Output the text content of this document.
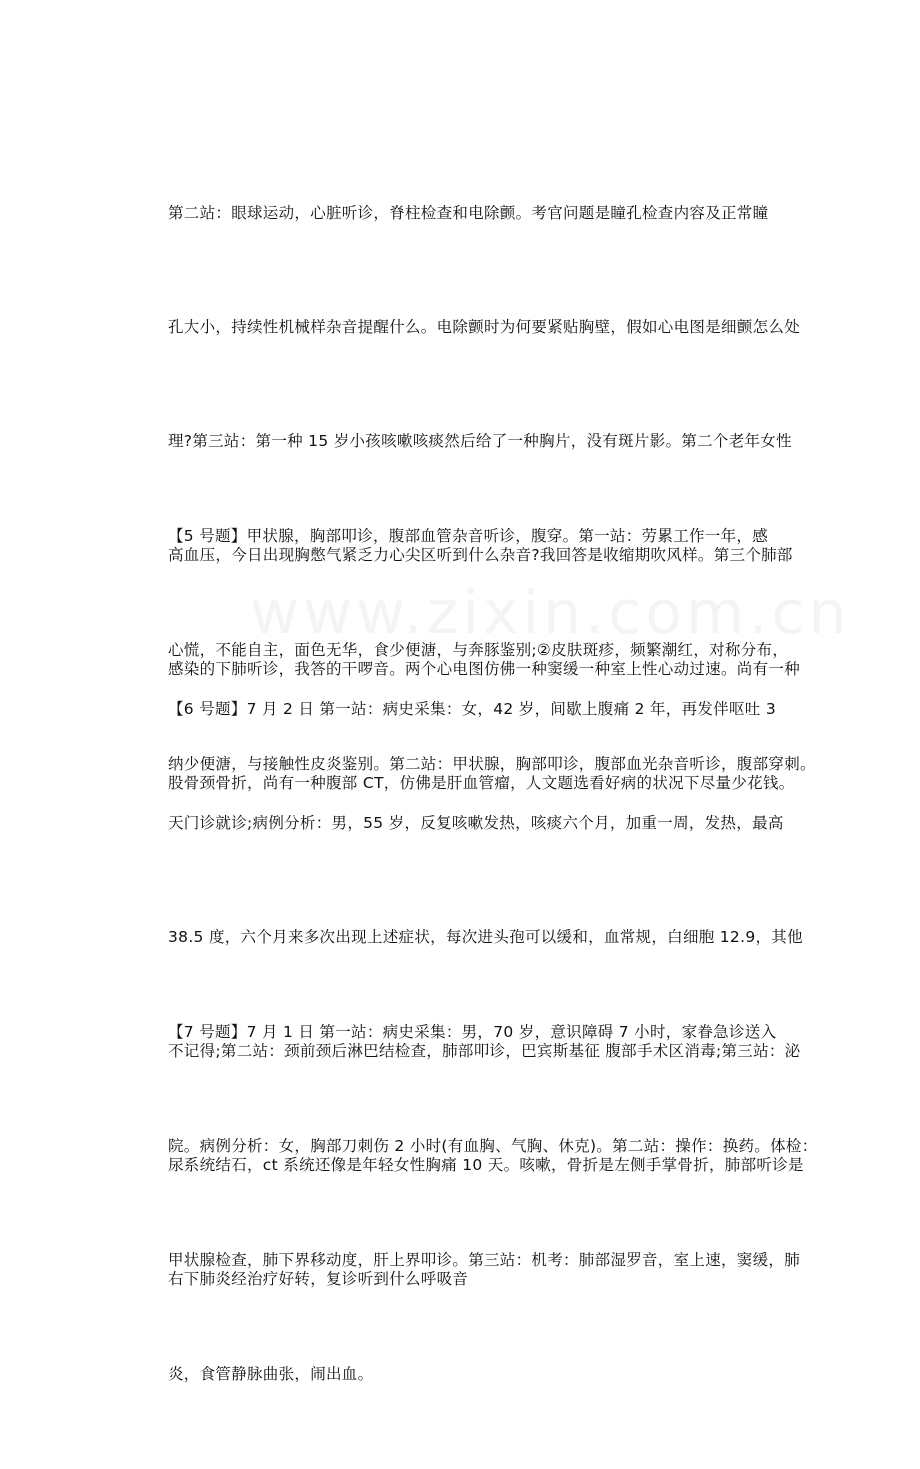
第二站：眼球运动，心脏听诊，脊柱检查和电除颤。考官问题是瞳孔检查内容及正常瞳

孔大小，持续性机械样杂音提醒什么。电除颤时为何要紧贴胸壁，假如心电图是细颤怎么处

理?第三站：第一种 15 岁小孩咳嗽咳痰然后给了一种胸片，没有斑片影。第二个老年女性

高血压，今日出现胸憋气紧乏力心尖区听到什么杂音?我回答是收缩期吹风样。第三个肺部

感染的下肺听诊，我答的干啰音。两个心电图仿佛一种窦缓一种室上性心动过速。尚有一种

股骨颈骨折，尚有一种腹部 CT，仿佛是肝血管瘤，人文题选看好病的状况下尽量少花钱。

【5 号题】甲状腺，胸部叩诊，腹部血管杂音听诊，腹穿。第一站：劳累工作一年，感

心慌，不能自主，面色无华，食少便溏，与奔豚鉴别;②皮肤斑疹，频繁潮红，对称分布，

纳少便溏，与接触性皮炎鉴别。第二站：甲状腺，胸部叩诊，腹部血光杂音听诊，腹部穿刺。

【6 号题】7 月 2 日 第一站：病史采集：女，42 岁，间歇上腹痛 2 年，再发伴呕吐 3

天门诊就诊;病例分析：男，55 岁，反复咳嗽发热，咳痰六个月，加重一周，发热，最高

38.5 度，六个月来多次出现上述症状，每次进头孢可以缓和，血常规，白细胞 12.9，其他

不记得;第二站：颈前颈后淋巴结检查，肺部叩诊，巴宾斯基征 腹部手术区消毒;第三站：泌

尿系统结石，ct 系统还像是年轻女性胸痛 10 天。咳嗽，骨折是左侧手掌骨折，肺部听诊是

右下肺炎经治疗好转，复诊听到什么呼吸音

【7 号题】7 月 1 日 第一站：病史采集：男，70 岁，意识障碍 7 小时，家眷急诊送入

院。病例分析：女，胸部刀刺伤 2 小时(有血胸、气胸、休克)。第二站：操作：换药。体检：

甲状腺检查，肺下界移动度，肝上界叩诊。第三站：机考：肺部湿罗音，室上速，窦缓，肺

炎，食管静脉曲张，闹出血。
